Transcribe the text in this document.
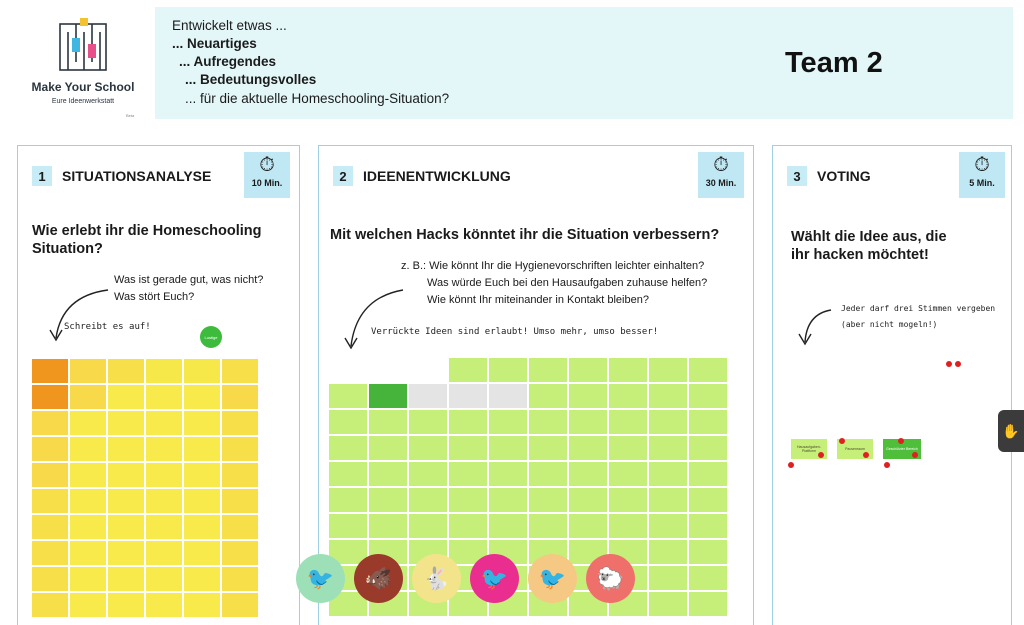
Make Your School
Eure Ideenwerkstatt
Beta
Entwickelt etwas ...
... Neuartiges
... Aufregendes
... Bedeutungsvolles
... für die aktuelle Homeschooling-Situation?
Team 2
1	SITUATIONSANALYSE	⏱
10 Min.
Wie erlebt ihr die Homeschooling Situation?
Was ist gerade gut, was nicht?
Was stört Euch?
Schreibt es auf!
Lustige
2	IDEENENTWICKLUNG	⏱
30 Min.
Mit welchen Hacks könntet ihr die Situation verbessern?
z. B.: Wie könnt Ihr die Hygienevorschriften leichter einhalten?
Was würde Euch bei den Hausaufgaben zuhause helfen?
Wie könnt Ihr miteinander in Kontakt bleiben?
Verrückte Ideen sind erlaubt! Umso mehr, umso besser!
3	VOTING	⏱
5 Min.
Wählt die Idee aus, die ihr hacken möchtet!
Jeder darf drei Stimmen vergeben
(aber nicht mogeln!)
Hausaufgaben-Plattform	Pausenraum	Geschützter Bereich
🐦	🐗	🐇	🐦	🐦	🐑
✋
